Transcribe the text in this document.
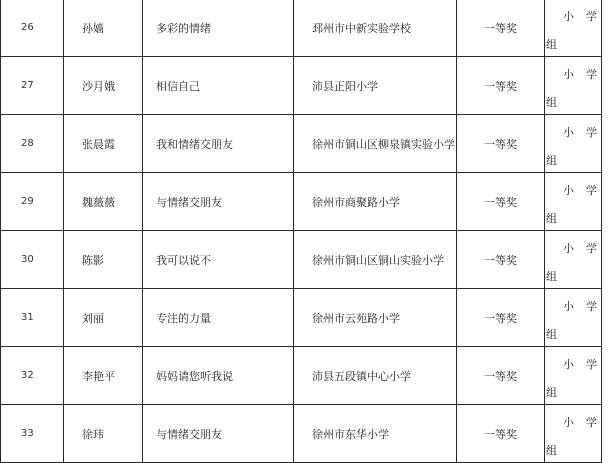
26	孙嫱	多彩的情绪	邳州市中新实验学校	一等奖	小学
组

27	沙月娥	相信自己	沛县正阳小学	一等奖	小学
组

28	张晨霞	我和情绪交朋友	徐州市铜山区柳泉镇实验小学	一等奖	小学
组

29	魏薇薇	与情绪交朋友	徐州市商聚路小学	一等奖	小学
组

30	陈影	我可以说不	徐州市铜山区铜山实验小学	一等奖	小学
组

31	刘丽	专注的力量	徐州市云苑路小学	一等奖	小学
组

32	李艳平	妈妈请您听我说	沛县五段镇中心小学	一等奖	小学
组

33	徐玮	与情绪交朋友	徐州市东华小学	一等奖	小学
组
